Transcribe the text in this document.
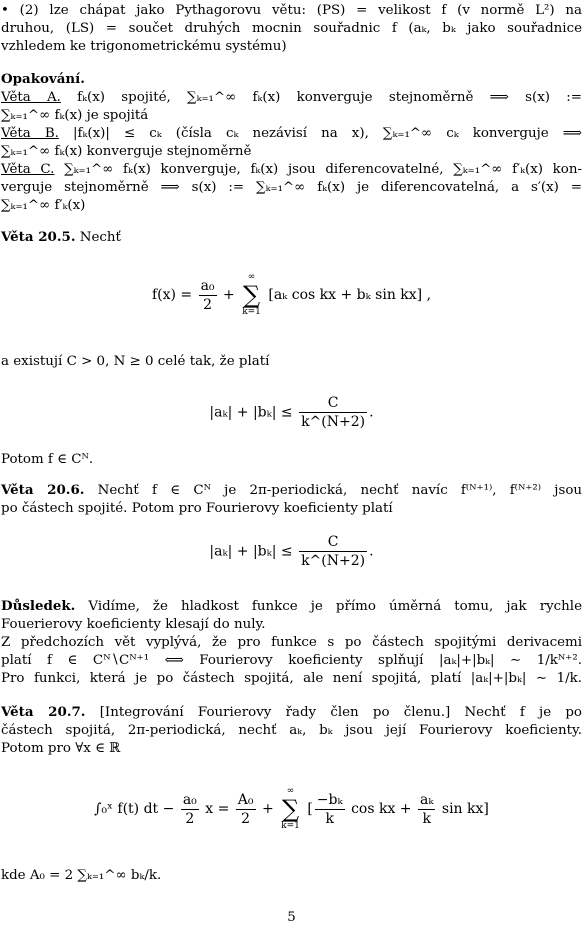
• (2) lze chápat jako Pythagorovu větu: (PS) = velikost f (v normě L²) na
druhou, (LS) = součet druhých mocnin souřadnic f (aₖ, bₖ jako souřadnice
vzhledem ke trigonometrickému systému)
Opakování.
Věta A. fₖ(x) spojité, ∑ₖ₌₁^∞ fₖ(x) konverguje stejnoměrně ⟹ s(x) :=
∑ₖ₌₁^∞ fₖ(x) je spojitá
Věta B. |fₖ(x)| ≤ cₖ (čísla cₖ nezávisí na x), ∑ₖ₌₁^∞ cₖ konverguje ⟹
∑ₖ₌₁^∞ fₖ(x) konverguje stejnoměrně
Věta C. ∑ₖ₌₁^∞ fₖ(x) konverguje, fₖ(x) jsou diferencovatelné, ∑ₖ₌₁^∞ f′ₖ(x) kon-
verguje stejnoměrně ⟹ s(x) := ∑ₖ₌₁^∞ fₖ(x) je diferencovatelná, a s′(x) =
∑ₖ₌₁^∞ f′ₖ(x)
Věta 20.5. Nechť
$f(x) = \frac{\text{a₀}}{2}$ +
∞
∑
k=1
[aₖ cos kx + bₖ sin kx] ,
a existují C > 0, N ≥ 0 celé tak, že platí
$|a_k| + |b_k| \le \frac{C}{k\^{}(N+2)}$ .
Potom f ∈ Cᴺ.
Věta 20.6. Nechť f ∈ Cᴺ je 2π-periodická, nechť navíc f⁽ᴺ⁺¹⁾, f⁽ᴺ⁺²⁾ jsou
po částech spojité. Potom pro Fourierovy koeficienty platí
$|a_k| + |b_k| \le \frac{C}{k\^{}(N+2)}$ .
Důsledek. Vidíme, že hladkost funkce je přímo úměrná tomu, jak rychle
Fouerierovy koeficienty klesají do nuly.
Z předchozích vět vyplývá, že pro funkce s po částech spojitými derivacemi
platí f ∈ Cᴺ∖Cᴺ⁺¹ ⟺ Fourierovy koeficienty splňují |aₖ|+|bₖ| ∼ 1/kᴺ⁺².
Pro funkci, která je po částech spojitá, ale není spojitá, platí |aₖ|+|bₖ| ∼ 1/k.
Věta 20.7. [Integrování Fourierovy řady člen po členu.] Nechť f je po
částech spojitá, 2π-periodická, nechť aₖ, bₖ jsou její Fourierovy koeficienty.
Potom pro ∀x ∈ ℝ
∫₀ˣ f(t) dt − $\frac{\text{a₀}}{2}$ $x = \frac{\text{A₀}}{2}$ +
∞
∑
k=1
[ $\frac{\text{−bₖ}}{k}$ cos kx + $\frac{\text{aₖ}}{k}$ sin kx]
kde A₀ = 2 ∑ₖ₌₁^∞ bₖ/k.
5
